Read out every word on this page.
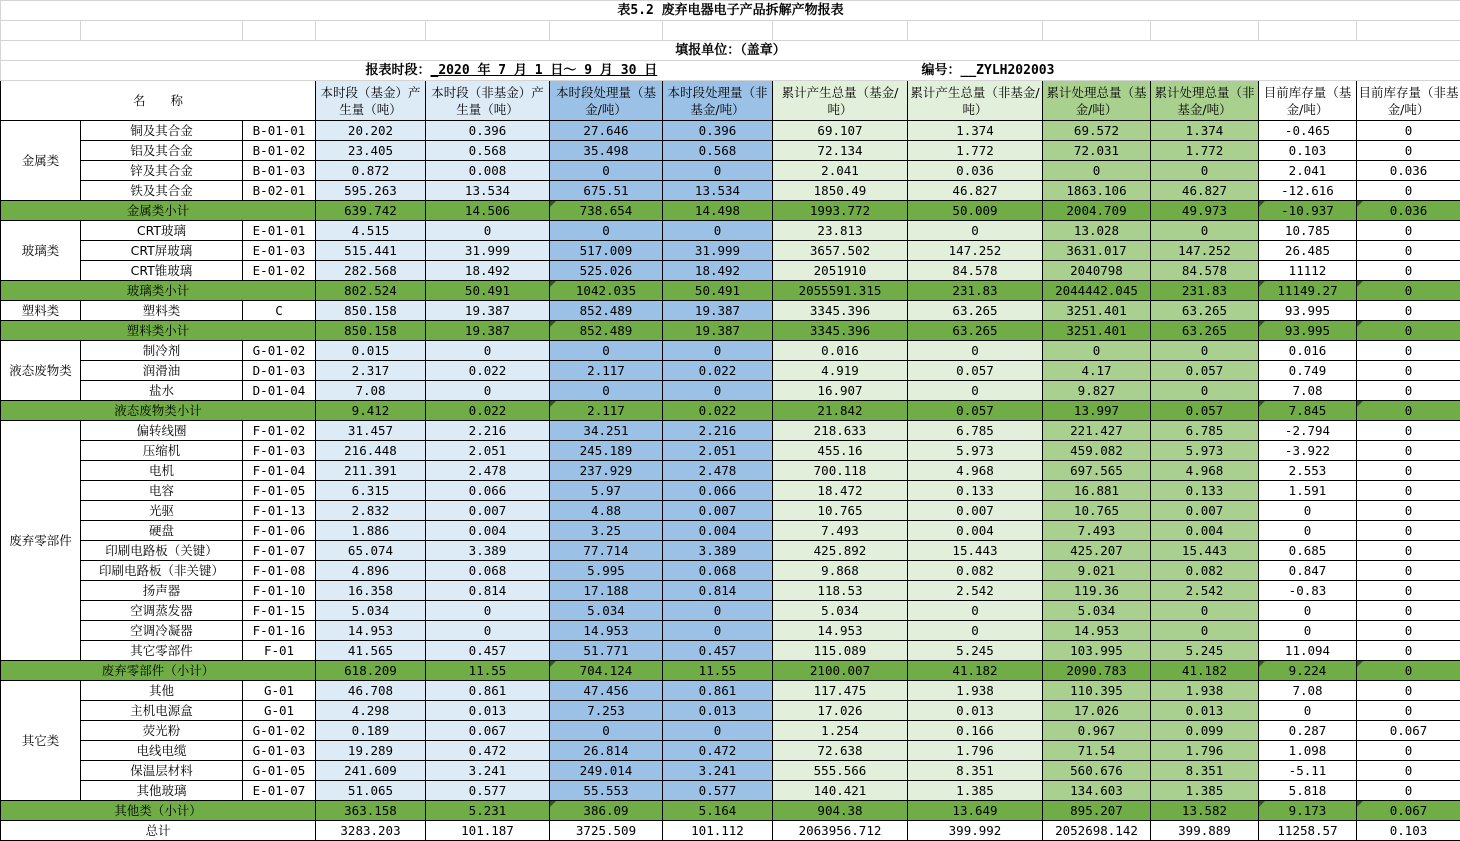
表5.2 废弃电器电子产品拆解产物报表												

填报单位：（盖章）												
			报表时段：_2020 年 7 月 1 日～ 9 月 30 日					编号：__ZYLH202003				
名　　称			本时段（基金）产生量（吨）	本时段（非基金）产生量（吨）	本时段处理量（基金/吨）	本时段处理量（非基金/吨）	累计产生总量（基金/吨）	累计产生总量（非基金/吨）	累计处理总量（基金/吨）	累计处理总量（非基金/吨）	目前库存量（基金/吨）	目前库存量（非基金/吨）
金属类	铜及其合金	B-01-01	20.202	0.396	27.646	0.396	69.107	1.374	69.572	1.374	-0.465	0
	铝及其合金	B-01-02	23.405	0.568	35.498	0.568	72.134	1.772	72.031	1.772	0.103	0
	锌及其合金	B-01-03	0.872	0.008	0	0	2.041	0.036	0	0	2.041	0.036
	铁及其合金	B-02-01	595.263	13.534	675.51	13.534	1850.49	46.827	1863.106	46.827	-12.616	0
金属类小计			639.742	14.506	738.654	14.498	1993.772	50.009	2004.709	49.973	-10.937	0.036
玻璃类	CRT玻璃	E-01-01	4.515	0	0	0	23.813	0	13.028	0	10.785	0
	CRT屏玻璃	E-01-03	515.441	31.999	517.009	31.999	3657.502	147.252	3631.017	147.252	26.485	0
	CRT锥玻璃	E-01-02	282.568	18.492	525.026	18.492	2051910	84.578	2040798	84.578	11112	0
玻璃类小计			802.524	50.491	1042.035	50.491	2055591.315	231.83	2044442.045	231.83	11149.27	0
塑料类	塑料类	C	850.158	19.387	852.489	19.387	3345.396	63.265	3251.401	63.265	93.995	0
塑料类小计			850.158	19.387	852.489	19.387	3345.396	63.265	3251.401	63.265	93.995	0
液态废物类	制冷剂	G-01-02	0.015	0	0	0	0.016	0	0	0	0.016	0
	润滑油	D-01-03	2.317	0.022	2.117	0.022	4.919	0.057	4.17	0.057	0.749	0
	盐水	D-01-04	7.08	0	0	0	16.907	0	9.827	0	7.08	0
液态废物类小计			9.412	0.022	2.117	0.022	21.842	0.057	13.997	0.057	7.845	0
废弃零部件	偏转线圈	F-01-02	31.457	2.216	34.251	2.216	218.633	6.785	221.427	6.785	-2.794	0
	压缩机	F-01-03	216.448	2.051	245.189	2.051	455.16	5.973	459.082	5.973	-3.922	0
	电机	F-01-04	211.391	2.478	237.929	2.478	700.118	4.968	697.565	4.968	2.553	0
	电容	F-01-05	6.315	0.066	5.97	0.066	18.472	0.133	16.881	0.133	1.591	0
	光驱	F-01-13	2.832	0.007	4.88	0.007	10.765	0.007	10.765	0.007	0	0
	硬盘	F-01-06	1.886	0.004	3.25	0.004	7.493	0.004	7.493	0.004	0	0
	印刷电路板（关键）	F-01-07	65.074	3.389	77.714	3.389	425.892	15.443	425.207	15.443	0.685	0
	印刷电路板（非关键）	F-01-08	4.896	0.068	5.995	0.068	9.868	0.082	9.021	0.082	0.847	0
	扬声器	F-01-10	16.358	0.814	17.188	0.814	118.53	2.542	119.36	2.542	-0.83	0
	空调蒸发器	F-01-15	5.034	0	5.034	0	5.034	0	5.034	0	0	0
	空调冷凝器	F-01-16	14.953	0	14.953	0	14.953	0	14.953	0	0	0
	其它零部件	F-01	41.565	0.457	51.771	0.457	115.089	5.245	103.995	5.245	11.094	0
废弃零部件（小计）			618.209	11.55	704.124	11.55	2100.007	41.182	2090.783	41.182	9.224	0
其它类	其他	G-01	46.708	0.861	47.456	0.861	117.475	1.938	110.395	1.938	7.08	0
	主机电源盒	G-01	4.298	0.013	7.253	0.013	17.026	0.013	17.026	0.013	0	0
	荧光粉	G-01-02	0.189	0.067	0	0	1.254	0.166	0.967	0.099	0.287	0.067
	电线电缆	G-01-03	19.289	0.472	26.814	0.472	72.638	1.796	71.54	1.796	1.098	0
	保温层材料	G-01-05	241.609	3.241	249.014	3.241	555.566	8.351	560.676	8.351	-5.11	0
	其他玻璃	E-01-07	51.065	0.577	55.553	0.577	140.421	1.385	134.603	1.385	5.818	0
其他类（小计）			363.158	5.231	386.09	5.164	904.38	13.649	895.207	13.582	9.173	0.067
总计			3283.203	101.187	3725.509	101.112	2063956.712	399.992	2052698.142	399.889	11258.57	0.103
